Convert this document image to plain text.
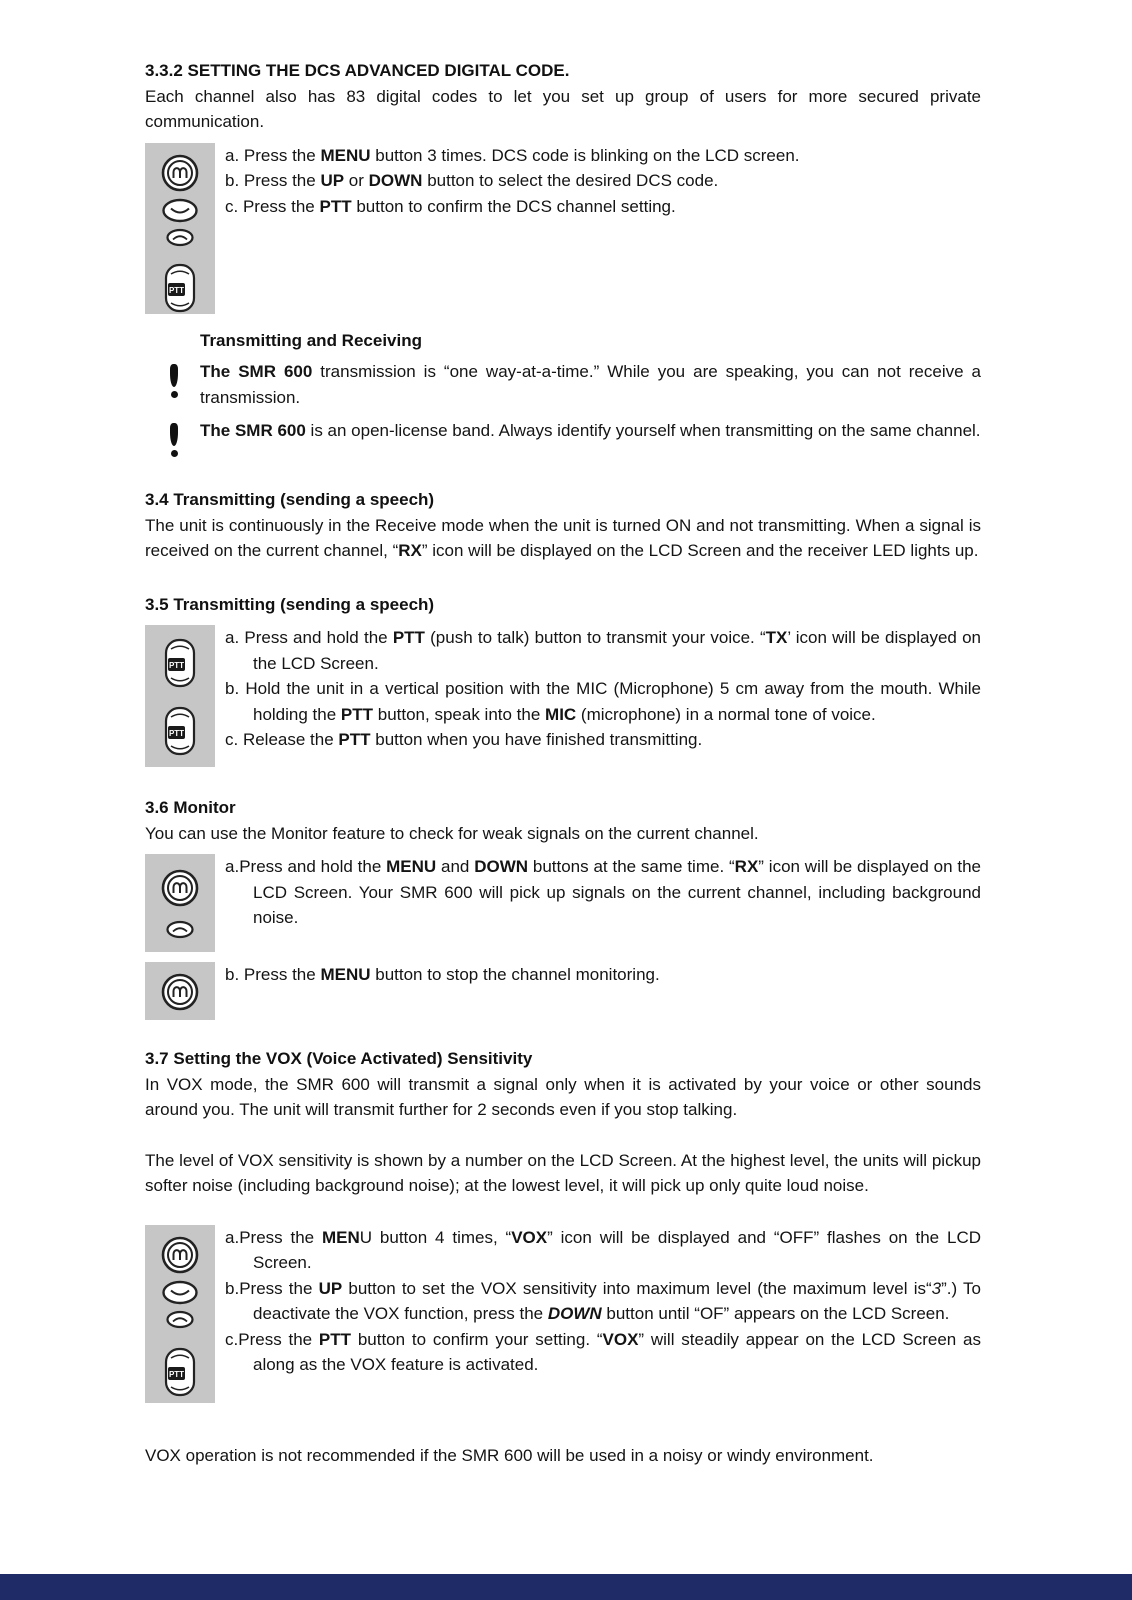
3.3.2 SETTING THE DCS ADVANCED DIGITAL CODE.

Each channel also has 83 digital codes to let you set up group of users for more secured private communication.

PTT
a. Press the MENU button 3 times. DCS code is blinking on the LCD screen.
b. Press the UP or DOWN button to select the desired DCS code.
c. Press the PTT button to confirm the DCS channel setting.
Transmitting and Receiving
The SMR 600 transmission is “one way-at-a-time.” While you are speaking, you can not receive a transmission.
The SMR 600 is an open-license band. Always identify yourself when transmitting on the same channel.
3.4 Transmitting (sending a speech)

The unit is continuously in the Receive mode when the unit is turned ON and not transmitting. When a signal is received on the current channel, “RX” icon will be displayed on the LCD Screen and the receiver LED lights up.

3.5 Transmitting (sending a speech)
PTT
PTT
a. Press and hold the PTT (push to talk) button to transmit your voice. “TX’ icon will be displayed on the LCD Screen.
b. Hold the unit in a vertical position with the MIC (Microphone) 5 cm away from the mouth. While holding the PTT button, speak into the MIC (microphone) in a normal tone of voice.
c. Release the PTT button when you have finished transmitting.
3.6 Monitor

You can use the Monitor feature to check for weak signals on the current channel.

a.Press and hold the MENU and DOWN buttons at the same time. “RX” icon will be displayed on the LCD Screen. Your SMR 600 will pick up signals on the current channel, including background noise.
b. Press the MENU button to stop the channel monitoring.
3.7 Setting the VOX (Voice Activated) Sensitivity

In VOX mode, the SMR 600 will transmit a signal only when it is activated by your voice or other sounds around you. The unit will transmit further for 2 seconds even if you stop talking.

The level of VOX sensitivity is shown by a number on the LCD Screen. At the highest level, the units will pickup softer noise (including background noise); at the lowest level, it will pick up only quite loud noise.

PTT
a.Press the MENU button 4 times, “VOX” icon will be displayed and “OFF” flashes on the LCD Screen.
b.Press the UP button to set the VOX sensitivity into maximum level (the maximum level is“3”.) To deactivate the VOX function, press the DOWN button until “OF” appears on the LCD Screen.
c.Press the PTT button to confirm your setting. “VOX” will steadily appear on the LCD Screen as along as the VOX feature is activated.

VOX operation is not recommended if the SMR 600 will be used in a noisy or windy environment.
